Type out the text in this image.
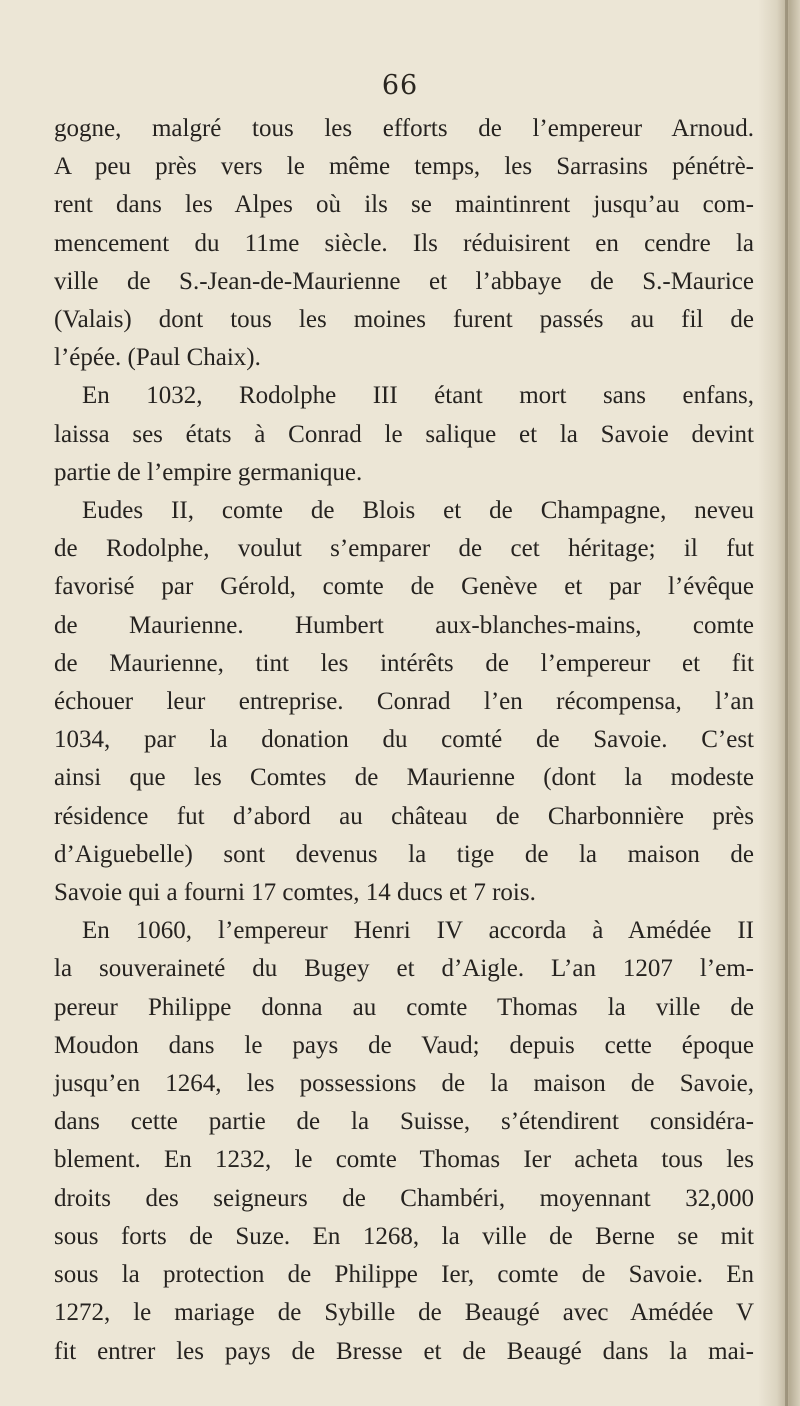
66

gogne, malgré tous les efforts de l’empereur Arnoud.

A peu près vers le même temps, les Sarrasins pénétrè-

rent dans les Alpes où ils se maintinrent jusqu’au com-

mencement du 11me siècle. Ils réduisirent en cendre la

ville de S.-Jean-de-Maurienne et l’abbaye de S.-Maurice

(Valais) dont tous les moines furent passés au fil de

l’épée. (Paul Chaix).

En 1032, Rodolphe III étant mort sans enfans,

laissa ses états à Conrad le salique et la Savoie devint

partie de l’empire germanique.

Eudes II, comte de Blois et de Champagne, neveu

de Rodolphe, voulut s’emparer de cet héritage; il fut

favorisé par Gérold, comte de Genève et par l’évêque

de Maurienne. Humbert aux-blanches-mains, comte

de Maurienne, tint les intérêts de l’empereur et fit

échouer leur entreprise. Conrad l’en récompensa, l’an

1034, par la donation du comté de Savoie. C’est

ainsi que les Comtes de Maurienne (dont la modeste

résidence fut d’abord au château de Charbonnière près

d’Aiguebelle) sont devenus la tige de la maison de

Savoie qui a fourni 17 comtes, 14 ducs et 7 rois.

En 1060, l’empereur Henri IV accorda à Amédée II

la souveraineté du Bugey et d’Aigle. L’an 1207 l’em-

pereur Philippe donna au comte Thomas la ville de

Moudon dans le pays de Vaud; depuis cette époque

jusqu’en 1264, les possessions de la maison de Savoie,

dans cette partie de la Suisse, s’étendirent considéra-

blement. En 1232, le comte Thomas Ier acheta tous les

droits des seigneurs de Chambéri, moyennant 32,000

sous forts de Suze. En 1268, la ville de Berne se mit

sous la protection de Philippe Ier, comte de Savoie. En

1272, le mariage de Sybille de Beaugé avec Amédée V

fit entrer les pays de Bresse et de Beaugé dans la mai-
